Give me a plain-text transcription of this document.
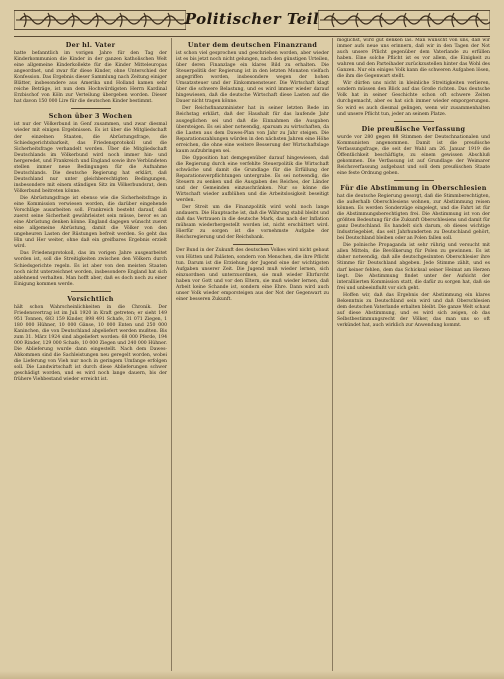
Politischer Teil
Der hl. Vater

hatte befanntlich im vorigen Jahre für den Tag der Kinderkommunion die Kinder in der ganzen katholischen Welt eine allgemeine Kinderkollekte für die Kinder Mitteleuropas angeordnet, und zwar für diese Kinder, ohne Unterschied der Konfession. Das Ergebnis dieser Sammlung nach Zeitung einiger Blätter, insbesondere aus Amerika und Holland kamen sehr reiche Beträge, ist nun dem Hochwürdigsten Herrn Kardinal Erzbischof von Köln zur Verteilung übergeben worden. Dieser hat davon 150 000 Lire für die deutschen Kinder bestimmt.

Schon über 3 Wochen

ist nur der Völkerbund in Genf zusammen, und zwar diesmal wieder mit einigen Ergebnissen. Es ist über die Mitgliedschaft der einzelnen Staaten, die Abrüstungsfrage, die Schiedsgerichtsbarkeit, das Friedensprotokoll und die Sicherheitsfrage verhandelt worden. Über die Mitgliedschaft Deutschlands im Völkerbund wird noch immer hin- und hergeredet, und Frankreich und England sowie ihre Verbündeten stellen immer neue Bedingungen für die Aufnahme Deutschlands. Die deutsche Regierung hat erklärt, daß Deutschland nur unter gleichberechtigten Bedingungen, insbesondere mit einem ständigen Sitz im Völkerbundsrat, dem Völkerbund beitreten könne.

Die Abrüstungsfrage ist ebenso wie die Sicherheitsfrage in eine Kommission verwiesen worden, die darüber eingehende Vorschläge ausarbeiten soll. Frankreich besteht darauf, daß zuerst seine Sicherheit gewährleistet sein müsse, bevor es an eine Abrüstung denken könne. England dagegen wünscht zuerst eine allgemeine Abrüstung, damit die Völker von den ungeheuren Lasten der Rüstungen befreit werden. So geht das Hin und Her weiter, ohne daß ein greifbares Ergebnis erzielt wird.

Das Friedensprotokoll, das im vorigen Jahre ausgearbeitet worden ist, soll die Streitigkeiten zwischen den Völkern durch Schiedsgerichte regeln. Es ist aber von den meisten Staaten noch nicht unterzeichnet worden, insbesondere England hat sich ablehnend verhalten. Man hofft aber, daß es doch noch zu einer Einigung kommen werde.

Vorsichtlich

hält schon Wahrscheinlichkeiten in die Chronik. Der Friedensvertrag ist im Juli 1920 in Kraft getreten; er sieht 149 951 Tonnen, 683 159 Kinder, 898 491 Schafe, 31 071 Ziegen, 1 180 000 Hühner, 10 000 Gänse, 10 000 Enten und 250 000 Kaninchen, die von Deutschland abgeliefert werden mußten. Bis zum 31. März 1924 sind abgeliefert worden: 68 000 Pferde, 194 000 Rinder, 129 000 Schafe, 10 000 Ziegen und 240 000 Hühner. Die Ablieferung wurde dann eingestellt. Nach dem Dawes-Abkommen sind die Sachleistungen neu geregelt worden, wobei die Lieferung von Vieh nur noch in geringem Umfange erfolgen soll. Die Landwirtschaft ist durch diese Ablieferungen schwer geschädigt worden, und es wird noch lange dauern, bis der frühere Viehbestand wieder erreicht ist.

Unter dem deutschen Finanzrand

ist schon viel gesprochen und geschrieben worden, aber wieder ist es bis jetzt noch nicht gelungen, nach den günstigen Urteilen, über deren Finanzlage ein klares Bild zu erhalten. Die Steuerpolitik der Regierung ist in den letzten Monaten vielfach angegriffen worden, insbesondere wegen der hohen Umsatzsteuer und der Einkommensteuer. Die Wirtschaft klagt über die schwere Belastung, und es wird immer wieder darauf hingewiesen, daß die deutsche Wirtschaft diese Lasten auf die Dauer nicht tragen könne.

Der Reichsfinanzminister hat in seiner letzten Rede im Reichstag erklärt, daß der Haushalt für das laufende Jahr ausgeglichen sei und daß die Einnahmen die Ausgaben übersteigen. Es sei aber notwendig, sparsam zu wirtschaften, da die Lasten aus dem Dawes-Plan von Jahr zu Jahr steigen. Die Reparationszahlungen würden in den nächsten Jahren eine Höhe erreichen, die ohne eine weitere Besserung der Wirtschaftslage kaum aufzubringen sei.

Die Opposition hat demgegenüber darauf hingewiesen, daß die Regierung durch eine verfehlte Steuerpolitik die Wirtschaft schwäche und damit die Grundlage für die Erfüllung der Reparationsverpflichtungen untergrabe. Es sei notwendig, die Steuern zu senken und die Ausgaben des Reiches, der Länder und der Gemeinden einzuschränken. Nur so könne die Wirtschaft wieder aufblühen und die Arbeitslosigkeit beseitigt werden.

Der Streit um die Finanzpolitik wird wohl noch lange andauern. Die Hauptsache ist, daß die Währung stabil bleibt und daß das Vertrauen in die deutsche Mark, das nach der Inflation mühsam wiederhergestellt worden ist, nicht erschüttert wird. Hierfür zu sorgen ist die vornehmste Aufgabe der Reichsregierung und der Reichsbank.

Der Bund in der Zukunft des deutschen Volkes wird nicht gebaut von Hütten und Palästen, sondern von Menschen, die ihre Pflicht tun. Darum ist die Erziehung der Jugend eine der wichtigsten Aufgaben unserer Zeit. Die Jugend muß wieder lernen, sich einzuordnen und unterzuordnen, sie muß wieder Ehrfurcht haben vor Gott und vor den Eltern, sie muß wieder lernen, daß Arbeit keine Schande ist, sondern eine Ehre. Dann wird auch unser Volk wieder emporsteigen aus der Not der Gegenwart zu einer besseren Zukunft.

möglichst, wird gut denken las. Man wünscht von uns, daß wir immer aufs neue uns erinnern, daß wir in den Tagen der Not auch unsere Pflicht gegenüber dem Vaterlande zu erfüllen haben. Eine solche Pflicht ist es vor allem, die Einigkeit zu wahren und den Parteihader zurückzustellen hinter das Wohl des Ganzen. Nur ein einiges Volk kann die schweren Aufgaben lösen, die ihm die Gegenwart stellt.

Wir dürfen uns nicht in kleinliche Streitigkeiten verlieren, sondern müssen den Blick auf das Große richten. Das deutsche Volk hat in seiner Geschichte schon oft schwere Zeiten durchgemacht, aber es hat sich immer wieder emporgerungen. So wird es auch diesmal gelingen, wenn wir zusammenhalten und unsere Pflicht tun, jeder an seinem Platze.

Die preußische Verfassung

wurde vor 280 gegen 88 Stimmen der Deutschnationalen und Kommunisten angenommen. Damit ist die preußische Verfassungsfrage, die seit der Wahl am 26. Januar 1919 die Öffentlichkeit beschäftigte, zu einem gewissen Abschluß gekommen. Die Verfassung ist auf Grundlage der Weimarer Reichsverfassung aufgebaut und soll dem preußischen Staate eine feste Ordnung geben.

Für die Abstimmung in Oberschlesien

hat die deutsche Regierung gesorgt, daß die Stimmberechtigten, die außerhalb Oberschlesiens wohnen, zur Abstimmung reisen können. Es werden Sonderzüge eingelegt, und die Fahrt ist für die Abstimmungsberechtigten frei. Die Abstimmung ist von der größten Bedeutung für die Zukunft Oberschlesiens und damit für ganz Deutschland. Es handelt sich darum, ob dieses wichtige Industriegebiet, das seit Jahrhunderten zu Deutschland gehört, bei Deutschland bleiben oder an Polen fallen soll.

Die polnische Propaganda ist sehr rührig und versucht mit allen Mitteln, die Bevölkerung für Polen zu gewinnen. Es ist daher notwendig, daß alle deutschgesinnten Oberschlesier ihre Stimme für Deutschland abgeben. Jede Stimme zählt, und es darf keiner fehlen, dem das Schicksal seiner Heimat am Herzen liegt. Die Abstimmung findet unter der Aufsicht der interalliierten Kommission statt, die dafür zu sorgen hat, daß sie frei und unbeeinflußt vor sich geht.

Hoffen wir, daß das Ergebnis der Abstimmung ein klares Bekenntnis zu Deutschland sein wird und daß Oberschlesien dem deutschen Vaterlande erhalten bleibt. Die ganze Welt schaut auf diese Abstimmung, und es wird sich zeigen, ob das Selbstbestimmungsrecht der Völker, das man uns so oft verkündet hat, auch wirklich zur Anwendung kommt.
